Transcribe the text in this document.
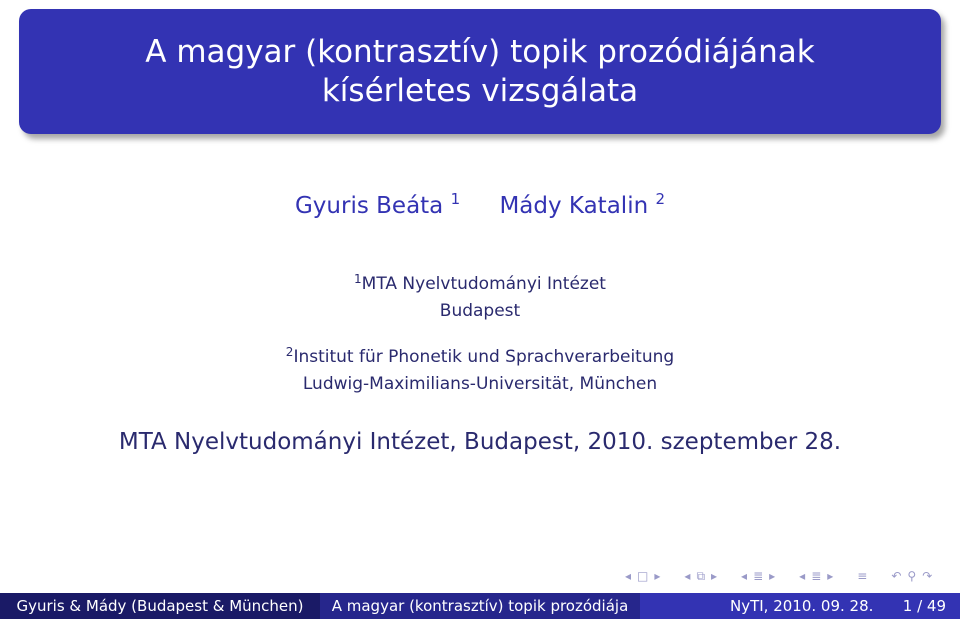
A magyar (kontrasztív) topik prozódiájának
kísérletes vizsgálata
Gyuris Beáta $^1$ Mády Katalin $^2$
$^1$MTA Nyelvtudományi Intézet
Budapest
$^2$Institut für Phonetik und Sprachverarbeitung
Ludwig-Maximilians-Universität, München
MTA Nyelvtudományi Intézet, Budapest, 2010. szeptember 28.
◂ □ ▸ ◂ ⧉ ▸ ◂ ≣ ▸ ◂ ≣ ▸ ≡ ↶ ⚲ ↷
Gyuris & Mády (Budapest & München)	A magyar (kontrasztív) topik prozódiája	NyTI, 2010. 09. 28. 1 / 49
